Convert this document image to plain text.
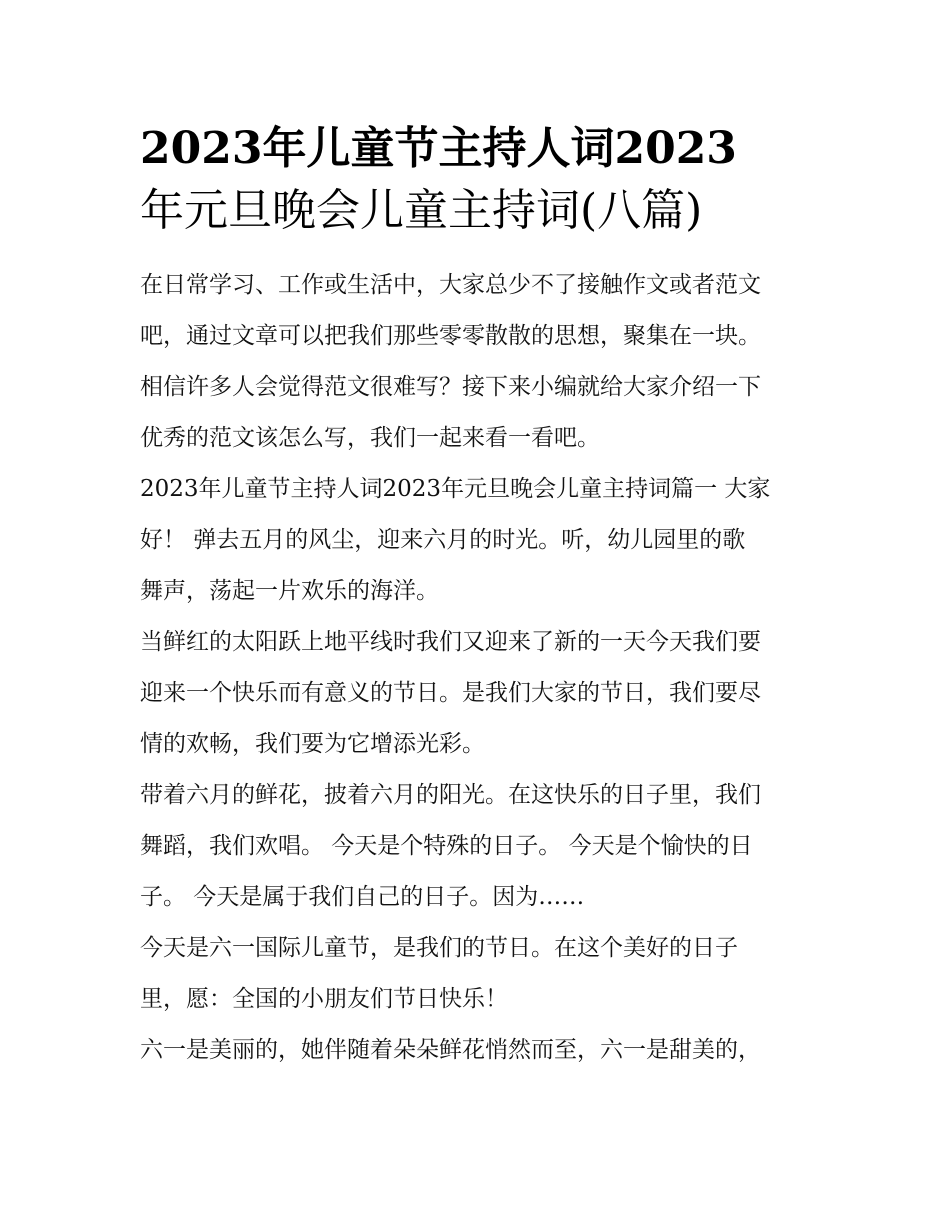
2023年儿童节主持人词2023
年元旦晚会儿童主持词(八篇)

在日常学习、工作或生活中，大家总少不了接触作文或者范文
吧，通过文章可以把我们那些零零散散的思想，聚集在一块。
相信许多人会觉得范文很难写？接下来小编就给大家介绍一下
优秀的范文该怎么写，我们一起来看一看吧。

2023年儿童节主持人词2023年元旦晚会儿童主持词篇一 大家
好！ 弹去五月的风尘，迎来六月的时光。听，幼儿园里的歌
舞声，荡起一片欢乐的海洋。

当鲜红的太阳跃上地平线时我们又迎来了新的一天今天我们要
迎来一个快乐而有意义的节日。是我们大家的节日，我们要尽
情的欢畅，我们要为它增添光彩。

带着六月的鲜花，披着六月的阳光。在这快乐的日子里，我们
舞蹈，我们欢唱。 今天是个特殊的日子。 今天是个愉快的日
子。 今天是属于我们自己的日子。因为……

今天是六一国际儿童节，是我们的节日。在这个美好的日子
里，愿：全国的小朋友们节日快乐！

六一是美丽的，她伴随着朵朵鲜花悄然而至，六一是甜美的，
